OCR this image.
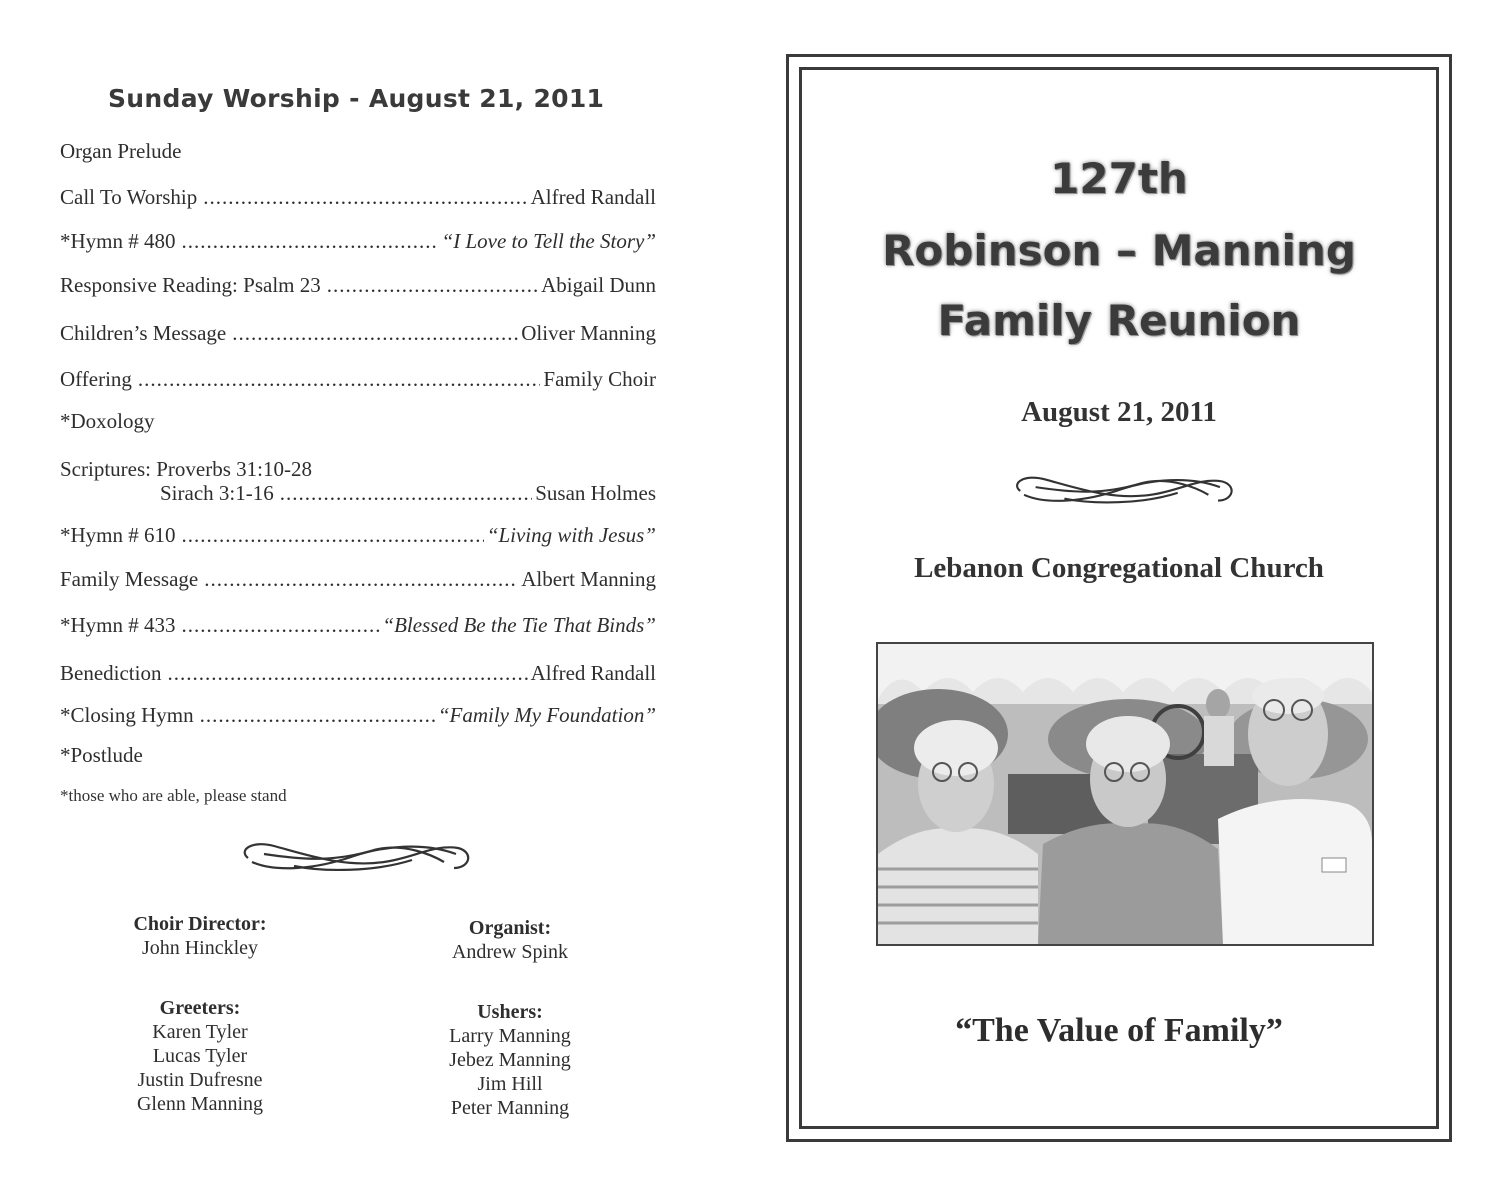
Sunday Worship - August 21, 2011
Organ Prelude
Call To Worship .....	Alfred Randall
*Hymn # 480 .....	“I Love to Tell the Story”
Responsive Reading: Psalm 23 .....	Abigail Dunn
Children’s Message .....	Oliver Manning
Offering .....	Family Choir
*Doxology
Scriptures: Proverbs 31:10-28
Sirach 3:1-16 .....	Susan Holmes
*Hymn # 610 .....	“Living with Jesus”
Family Message .....	Albert Manning
*Hymn # 433 .....	“Blessed Be the Tie That Binds”
Benediction .....	Alfred Randall
*Closing Hymn .....	“Family My Foundation”
*Postlude
*those who are able, please stand
Choir Director:
John Hinckley
Organist:
Andrew Spink
Greeters:
Karen Tyler
Lucas Tyler
Justin Dufresne
Glenn Manning
Ushers:
Larry Manning
Jebez Manning
Jim Hill
Peter Manning
127th
Robinson – Manning
Family Reunion
August 21, 2011
Lebanon Congregational Church
“The Value of Family”
